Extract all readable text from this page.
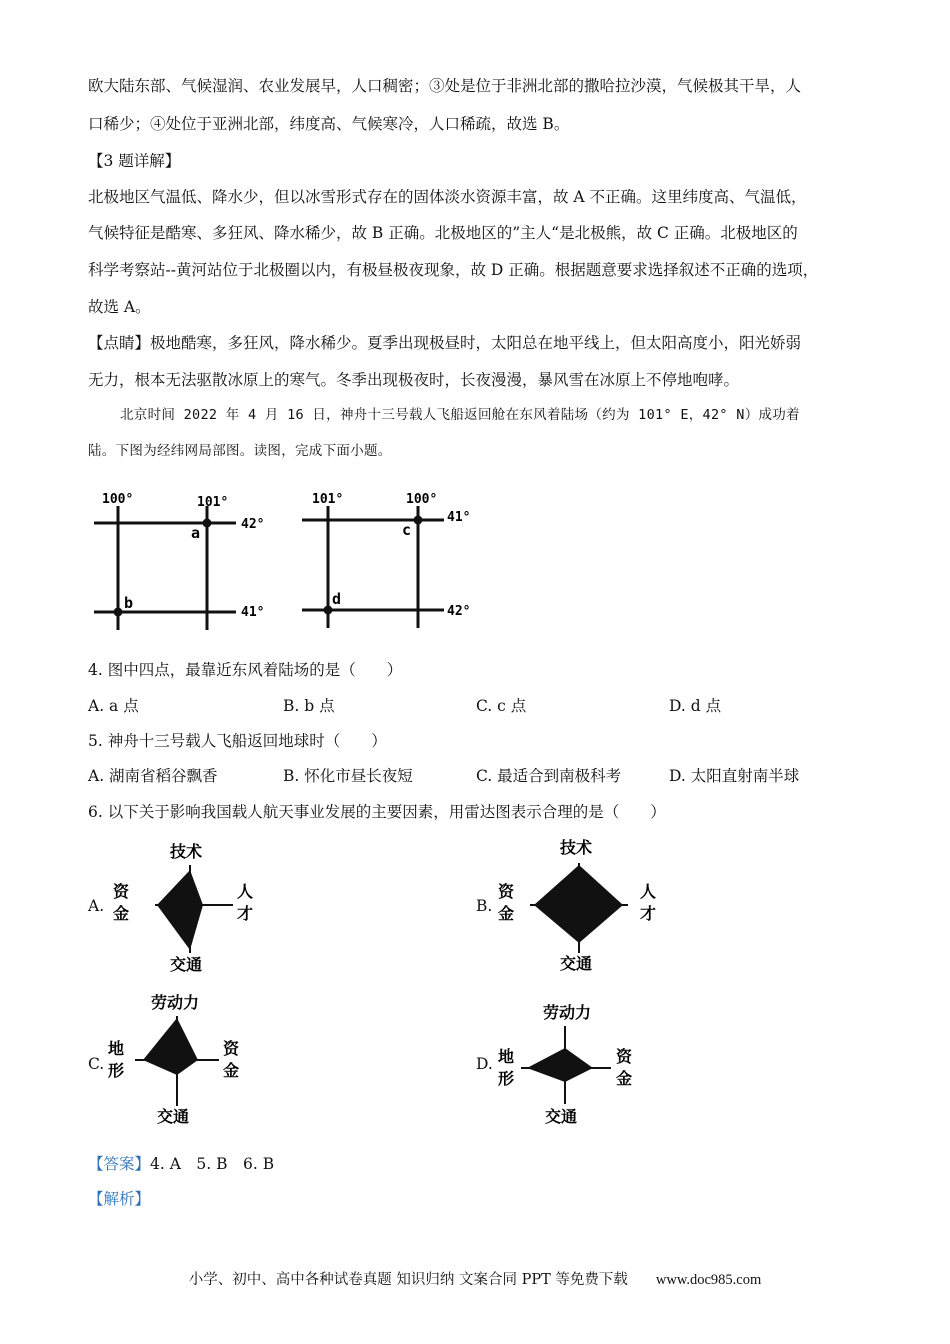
欧大陆东部、气候湿润、农业发展早，人口稠密；③处是位于非洲北部的撒哈拉沙漠，气候极其干旱，人
口稀少；④处位于亚洲北部，纬度高、气候寒冷，人口稀疏，故选 B。
【3 题详解】
北极地区气温低、降水少，但以冰雪形式存在的固体淡水资源丰富，故 A 不正确。这里纬度高、气温低，
气候特征是酷寒、多狂风、降水稀少，故 B 正确。北极地区的”主人“是北极熊，故 C 正确。北极地区的
科学考察站--黄河站位于北极圈以内，有极昼极夜现象，故 D 正确。根据题意要求选择叙述不正确的选项，
故选 A。
【点睛】极地酷寒，多狂风，降水稀少。夏季出现极昼时，太阳总在地平线上，但太阳高度小，阳光娇弱
无力，根本无法驱散冰原上的寒气。冬季出现极夜时，长夜漫漫，暴风雪在冰原上不停地咆哮。
北京时间 2022 年 4 月 16 日，神舟十三号载人飞船返回舱在东风着陆场（约为 101° E，42° N）成功着
陆。下图为经纬网局部图。读图，完成下面小题。
100°	101°
42°
41°
a
b
101°	100°
41°
42°
c
d
4. 图中四点，最靠近东风着陆场的是（　　）
A. a 点	B. b 点	C. c 点	D. d 点
5. 神舟十三号载人飞船返回地球时（　　）
A. 湖南省稻谷飘香	B. 怀化市昼长夜短	C. 最适合到南极科考	D. 太阳直射南半球
6. 以下关于影响我国载人航天事业发展的主要因素，用雷达图表示合理的是（　　）
A.
技术
资
金
人
才
交通
B.
技术
资
金
人
才
交通
C.
劳动力
地
形
资
金
交通
D.
劳动力
地
形
资
金
交通
【答案】4. A　5. B　6. B
【解析】
小学、初中、高中各种试卷真题 知识归纳 文案合同 PPT 等免费下载 www.doc985.com
